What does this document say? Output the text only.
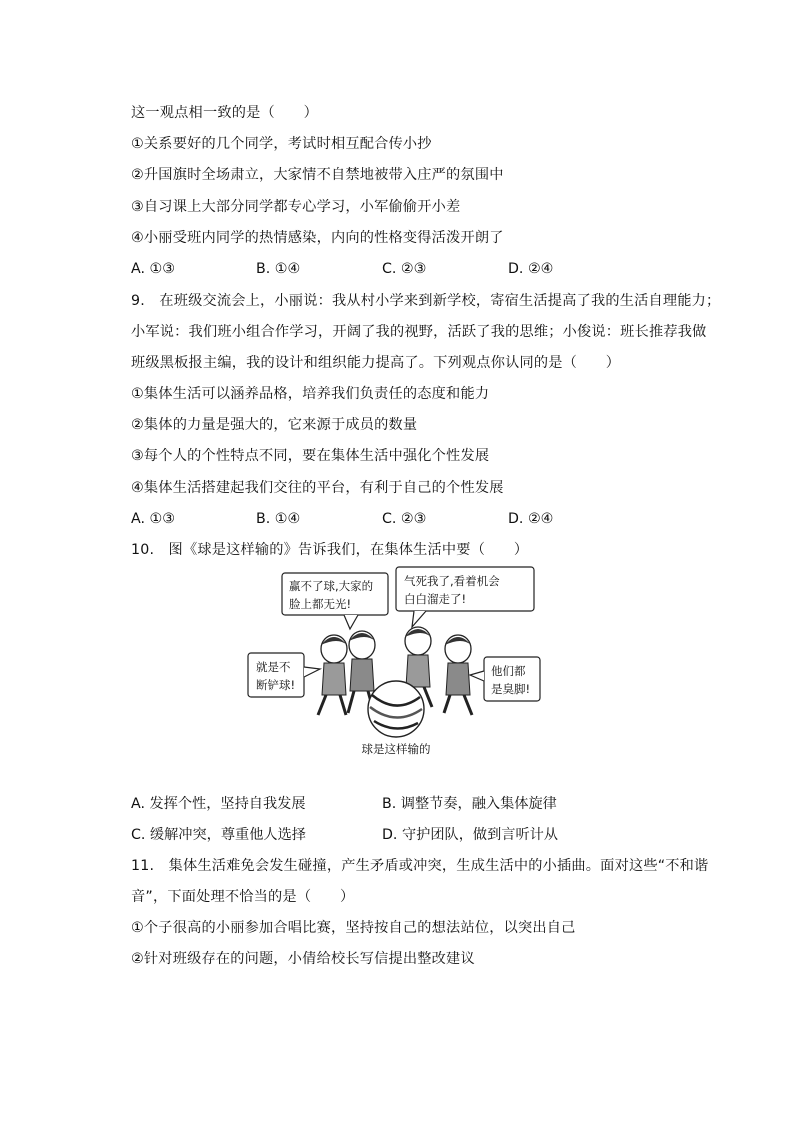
这一观点相一致的是（　　）
①关系要好的几个同学，考试时相互配合传小抄
②升国旗时全场肃立，大家情不自禁地被带入庄严的氛围中
③自习课上大部分同学都专心学习，小军偷偷开小差
④小丽受班内同学的热情感染，内向的性格变得活泼开朗了
A. ①③	B. ①④	C. ②③	D. ②④
9.　在班级交流会上，小丽说：我从村小学来到新学校，寄宿生活提高了我的生活自理能力；
小军说：我们班小组合作学习，开阔了我的视野，活跃了我的思维；小俊说：班长推荐我做
班级黑板报主编，我的设计和组织能力提高了。下列观点你认同的是（　　）
①集体生活可以涵养品格，培养我们负责任的态度和能力
②集体的力量是强大的，它来源于成员的数量
③每个人的个性特点不同，要在集体生活中强化个性发展
④集体生活搭建起我们交往的平台，有利于自己的个性发展
A. ①③	B. ①④	C. ②③	D. ②④
10.　图《球是这样输的》告诉我们，在集体生活中要（　　）
赢不了球,大家的
脸上都无光!
气死我了,看着机会
白白溜走了!
就是不
断铲球!
他们都
是臭脚!
球是这样输的
A. 发挥个性，坚持自我发展	B. 调整节奏，融入集体旋律
C. 缓解冲突，尊重他人选择	D. 守护团队，做到言听计从
11.　集体生活难免会发生碰撞，产生矛盾或冲突，生成生活中的小插曲。面对这些“不和谐
音”，下面处理不恰当的是（　　）
①个子很高的小丽参加合唱比赛，坚持按自己的想法站位，以突出自己
②针对班级存在的问题，小倩给校长写信提出整改建议
